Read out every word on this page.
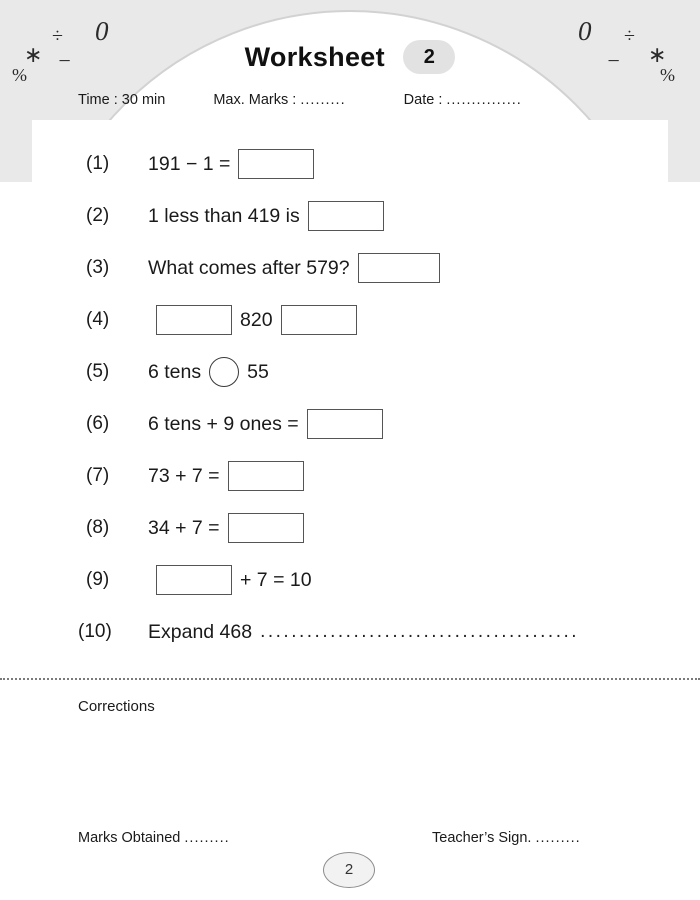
0
÷
∗ −
%
0 ÷
− ∗
%
Worksheet 2
Time : 30 min	Max. Marks : .........	Date : ...............
(1)	191 − 1 =
(2)	1 less than 419 is
(3)	What comes after 579?
(4)	820
(5)	6 tens 55
(6)	6 tens + 9 ones =
(7)	73 + 7 =
(8)	34 + 7 =
(9)	+ 7 = 10
(10)	Expand 468 .........................................
Corrections
Marks Obtained .........	Teacher’s Sign. .........
2
